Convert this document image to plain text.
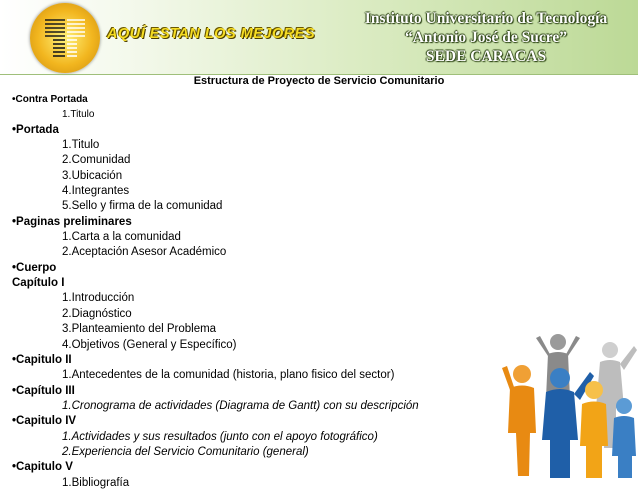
AQUÍ ESTAN LOS MEJORES
Instituto Universitario de Tecnología
“Antonio José de Sucre”
SEDE CARACAS
Estructura de Proyecto de Servicio Comunitario
•Contra Portada
1.Titulo
•Portada
1.Titulo
2.Comunidad
3.Ubicación
4.Integrantes
5.Sello y firma de la comunidad
•Paginas preliminares
1.Carta a la comunidad
2.Aceptación Asesor Académico
•Cuerpo
Capítulo I
1.Introducción
2.Diagnóstico
3.Planteamiento del Problema
4.Objetivos (General y Específico)
•Capitulo II
1.Antecedentes de la comunidad (historia, plano fisico del sector)
•Capítulo III
1.Cronograma de actividades (Diagrama de Gantt) con su descripción
•Capitulo IV
1.Actividades y sus resultados (junto con el apoyo fotográfico)
2.Experiencia del Servicio Comunitario (general)
•Capitulo V
1.Bibliografía
